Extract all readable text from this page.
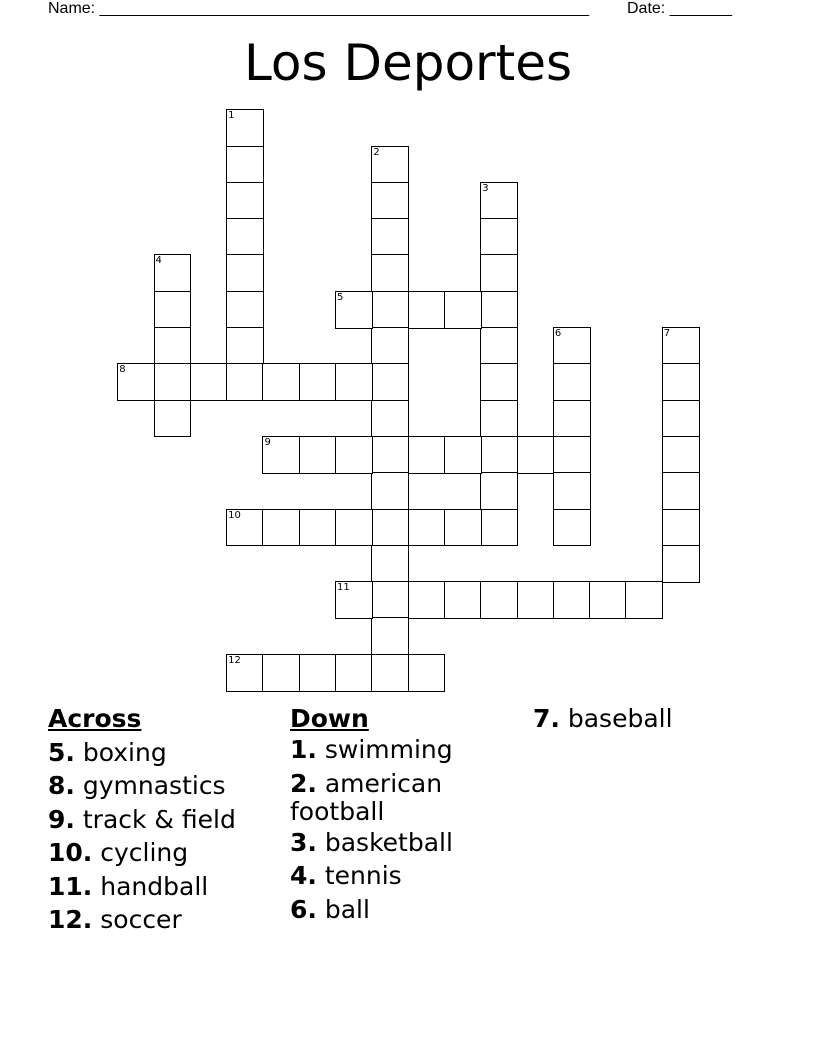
Name: _______________________________________________________ Date: _______
Los Deportes
1
2
3
4
5
6	7
8
9
10
11
12
Across
5. boxing
8. gymnastics
9. track & field
10. cycling
11. handball
12. soccer
Down
1. swimming
2. american football
3. basketball
4. tennis
6. ball
7. baseball
